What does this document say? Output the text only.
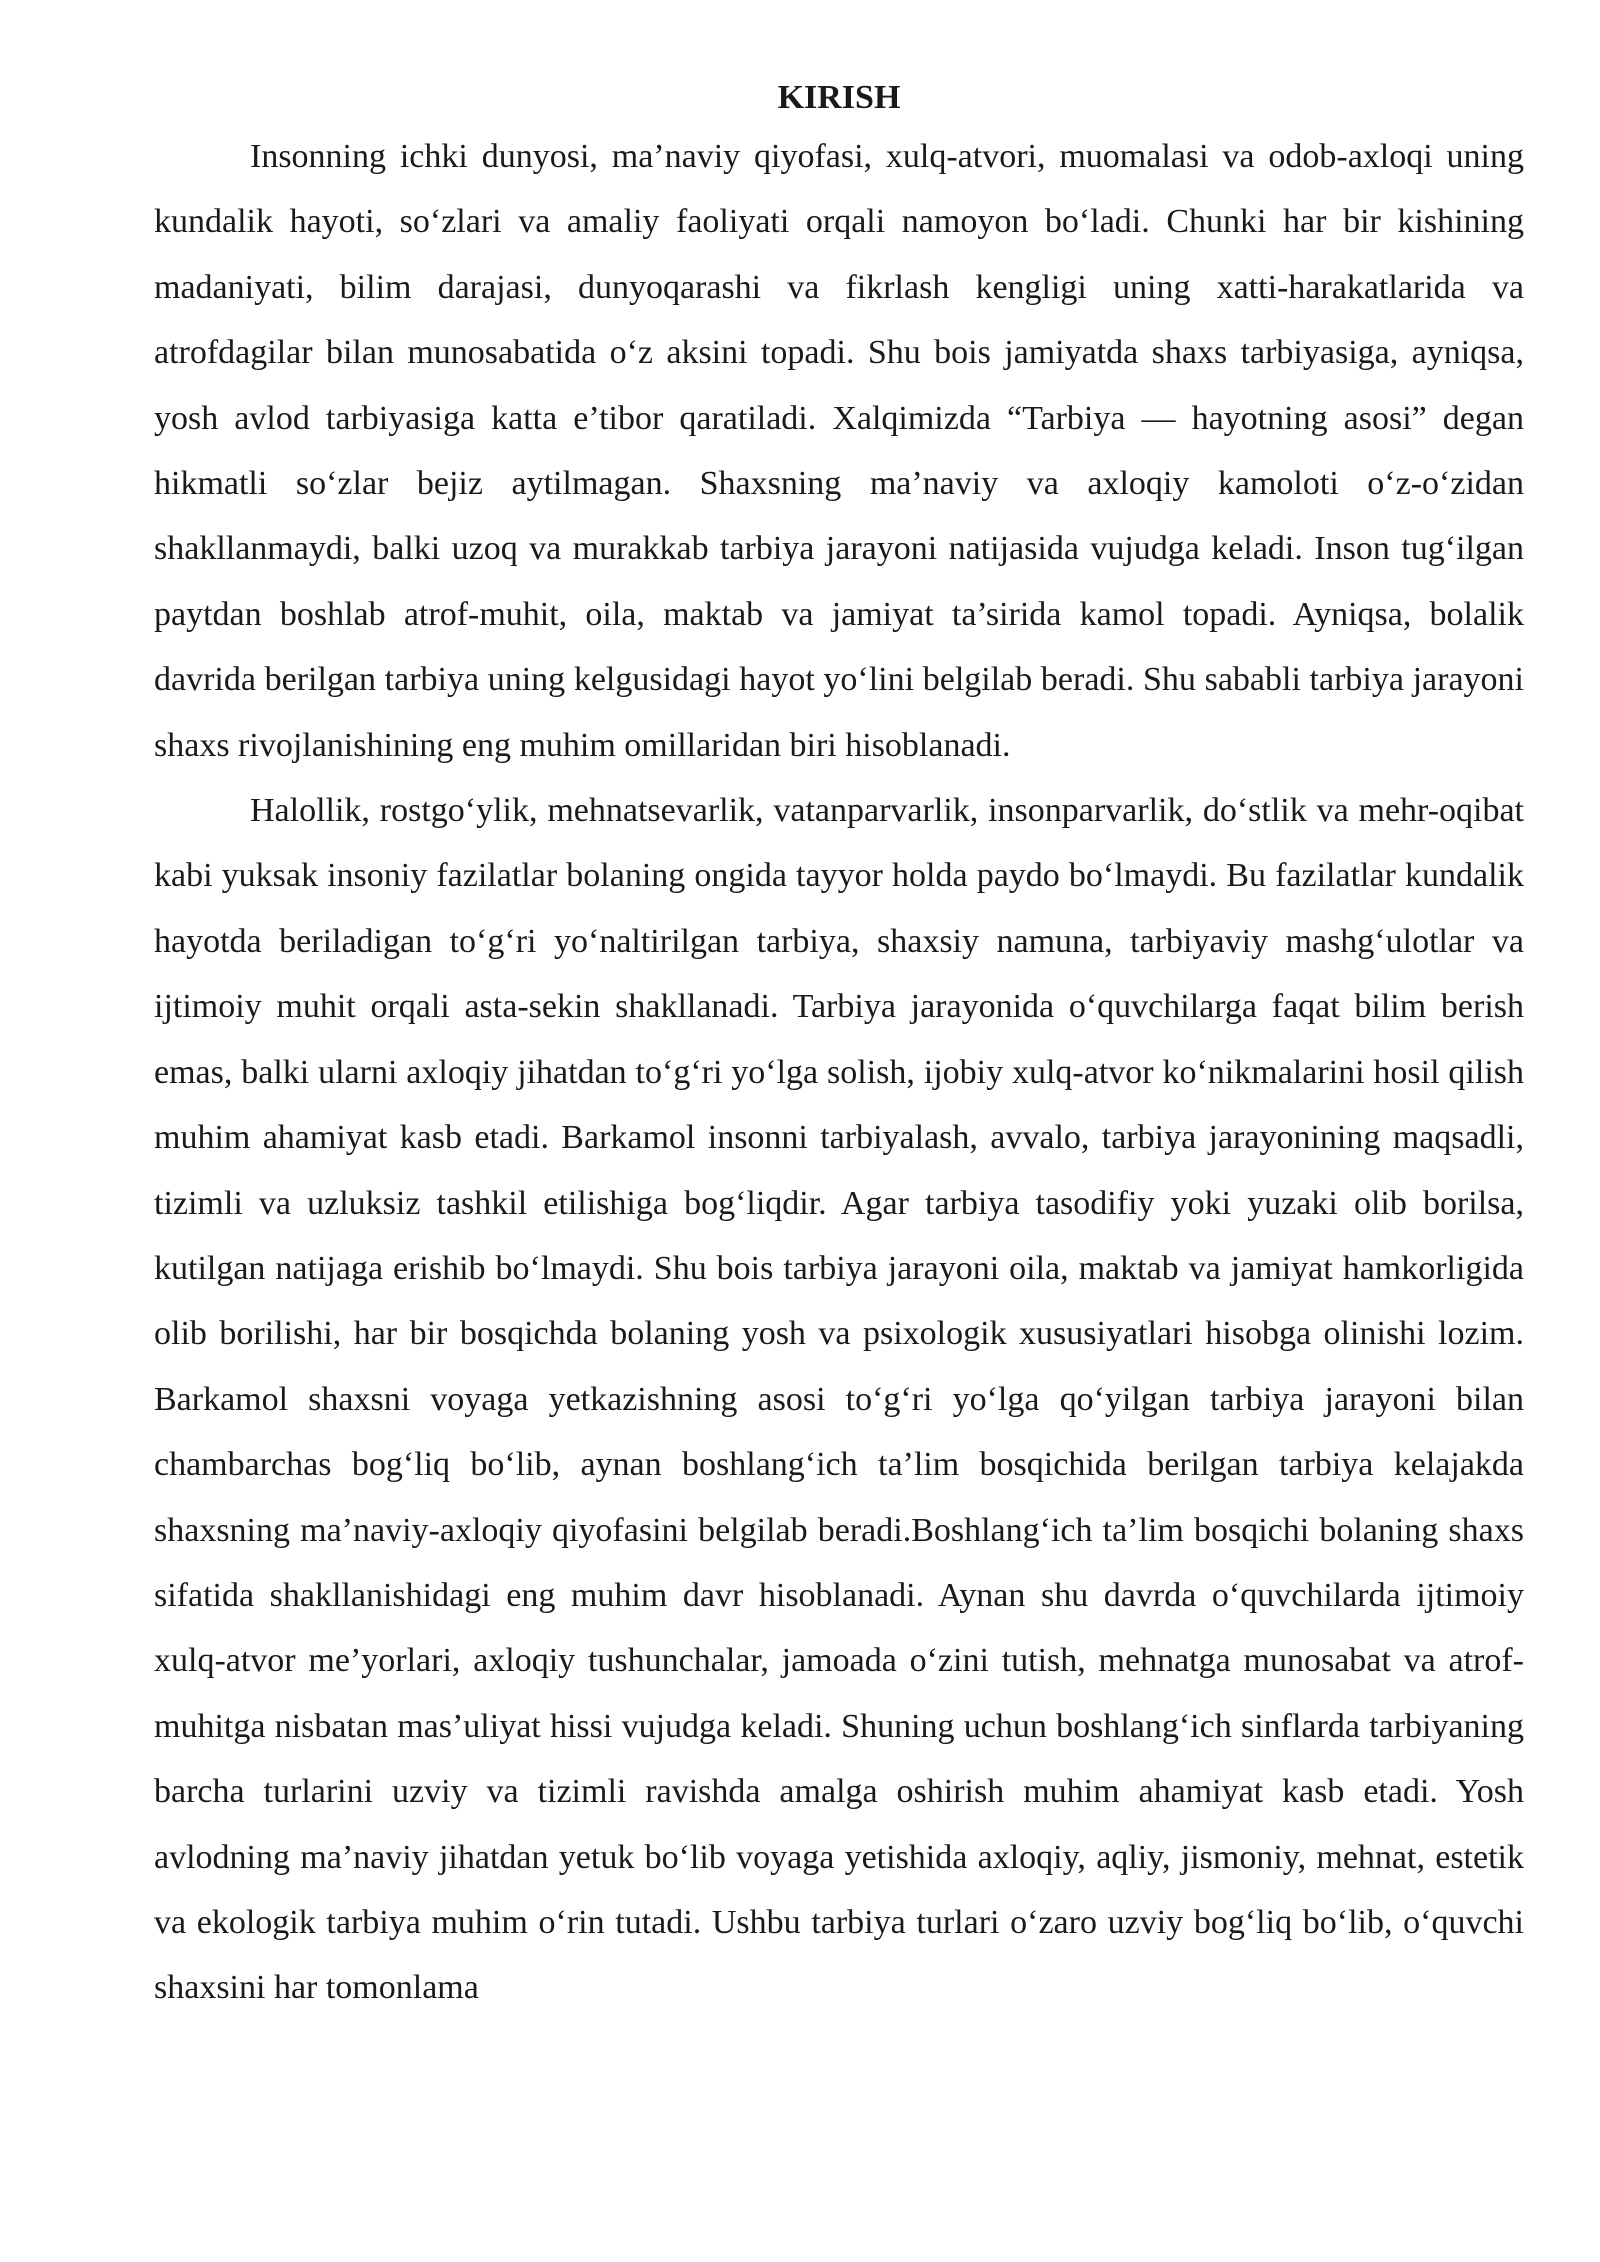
KIRISH

Insonning ichki dunyosi, ma’naviy qiyofasi, xulq-atvori, muomalasi va odob-axloqi uning kundalik hayoti, so‘zlari va amaliy faoliyati orqali namoyon bo‘ladi. Chunki har bir kishining madaniyati, bilim darajasi, dunyoqarashi va fikrlash kengligi uning xatti-harakatlarida va atrofdagilar bilan munosabatida o‘z aksini topadi. Shu bois jamiyatda shaxs tarbiyasiga, ayniqsa, yosh avlod tarbiyasiga katta e’tibor qaratiladi. Xalqimizda “Tarbiya — hayotning asosi” degan hikmatli so‘zlar bejiz aytilmagan. Shaxsning ma’naviy va axloqiy kamoloti o‘z-o‘zidan shakllanmaydi, balki uzoq va murakkab tarbiya jarayoni natijasida vujudga keladi. Inson tug‘ilgan paytdan boshlab atrof-muhit, oila, maktab va jamiyat ta’sirida kamol topadi. Ayniqsa, bolalik davrida berilgan tarbiya uning kelgusidagi hayot yo‘lini belgilab beradi. Shu sababli tarbiya jarayoni shaxs rivojlanishining eng muhim omillaridan biri hisoblanadi.

Halollik, rostgo‘ylik, mehnatsevarlik, vatanparvarlik, insonparvarlik, do‘stlik va mehr-oqibat kabi yuksak insoniy fazilatlar bolaning ongida tayyor holda paydo bo‘lmaydi. Bu fazilatlar kundalik hayotda beriladigan to‘g‘ri yo‘naltirilgan tarbiya, shaxsiy namuna, tarbiyaviy mashg‘ulotlar va ijtimoiy muhit orqali asta-sekin shakllanadi. Tarbiya jarayonida o‘quvchilarga faqat bilim berish emas, balki ularni axloqiy jihatdan to‘g‘ri yo‘lga solish, ijobiy xulq-atvor ko‘nikmalarini hosil qilish muhim ahamiyat kasb etadi. Barkamol insonni tarbiyalash, avvalo, tarbiya jarayonining maqsadli, tizimli va uzluksiz tashkil etilishiga bog‘liqdir. Agar tarbiya tasodifiy yoki yuzaki olib borilsa, kutilgan natijaga erishib bo‘lmaydi. Shu bois tarbiya jarayoni oila, maktab va jamiyat hamkorligida olib borilishi, har bir bosqichda bolaning yosh va psixologik xususiyatlari hisobga olinishi lozim. Barkamol shaxsni voyaga yetkazishning asosi to‘g‘ri yo‘lga qo‘yilgan tarbiya jarayoni bilan chambarchas bog‘liq bo‘lib, aynan boshlang‘ich ta’lim bosqichida berilgan tarbiya kelajakda shaxsning ma’naviy-axloqiy qiyofasini belgilab beradi.Boshlang‘ich ta’lim bosqichi bolaning shaxs sifatida shakllanishidagi eng muhim davr hisoblanadi. Aynan shu davrda o‘quvchilarda ijtimoiy xulq-atvor me’yorlari, axloqiy tushunchalar, jamoada o‘zini tutish, mehnatga munosabat va atrof-muhitga nisbatan mas’uliyat hissi vujudga keladi. Shuning uchun boshlang‘ich sinflarda tarbiyaning barcha turlarini uzviy va tizimli ravishda amalga oshirish muhim ahamiyat kasb etadi. Yosh avlodning ma’naviy jihatdan yetuk bo‘lib voyaga yetishida axloqiy, aqliy, jismoniy, mehnat, estetik va ekologik tarbiya muhim o‘rin tutadi. Ushbu tarbiya turlari o‘zaro uzviy bog‘liq bo‘lib, o‘quvchi shaxsini har tomonlama
